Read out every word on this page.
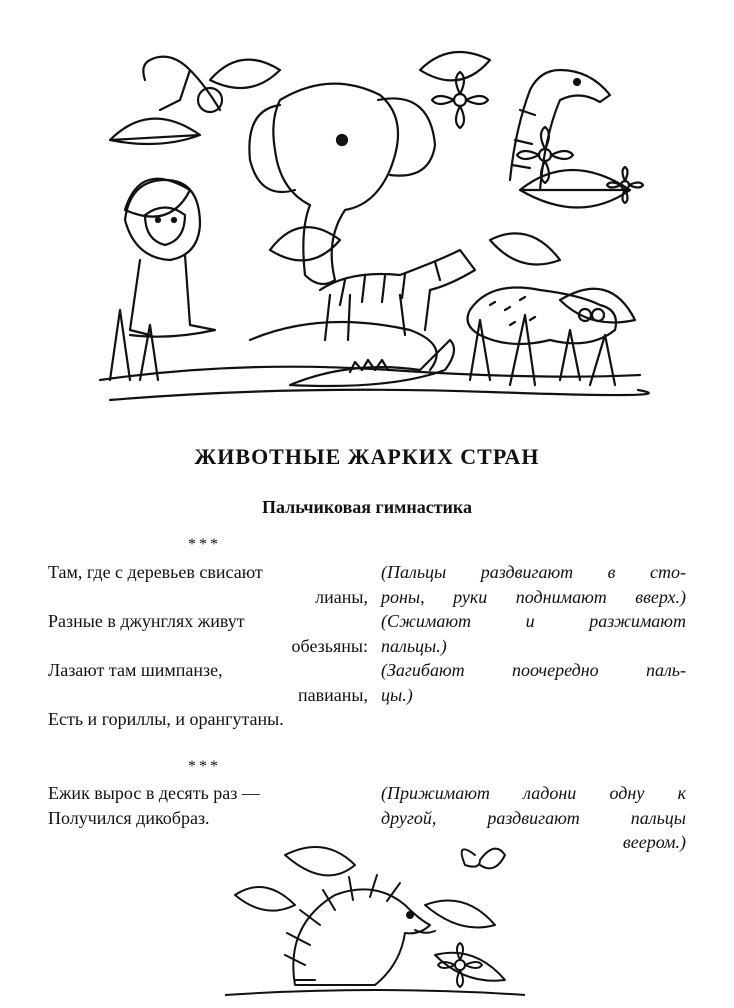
ЖИВОТНЫЕ ЖАРКИХ СТРАН
Пальчиковая гимнастика
***
Там, где с деревьев свисают
лианы,
Разные в джунглях живут
обезьяны:
Лазают там шимпанзе,
павианы,
Есть и гориллы, и орангутаны.
(Пальцы раздвигают в сто-
роны, руки поднимают вверх.)
(Сжимают и разжимают
пальцы.)
(Загибают поочередно паль-
цы.)
***
Ежик вырос в десять раз —
Получился дикобраз.
(Прижимают ладони одну к
другой, раздвигают пальцы
веером.)
